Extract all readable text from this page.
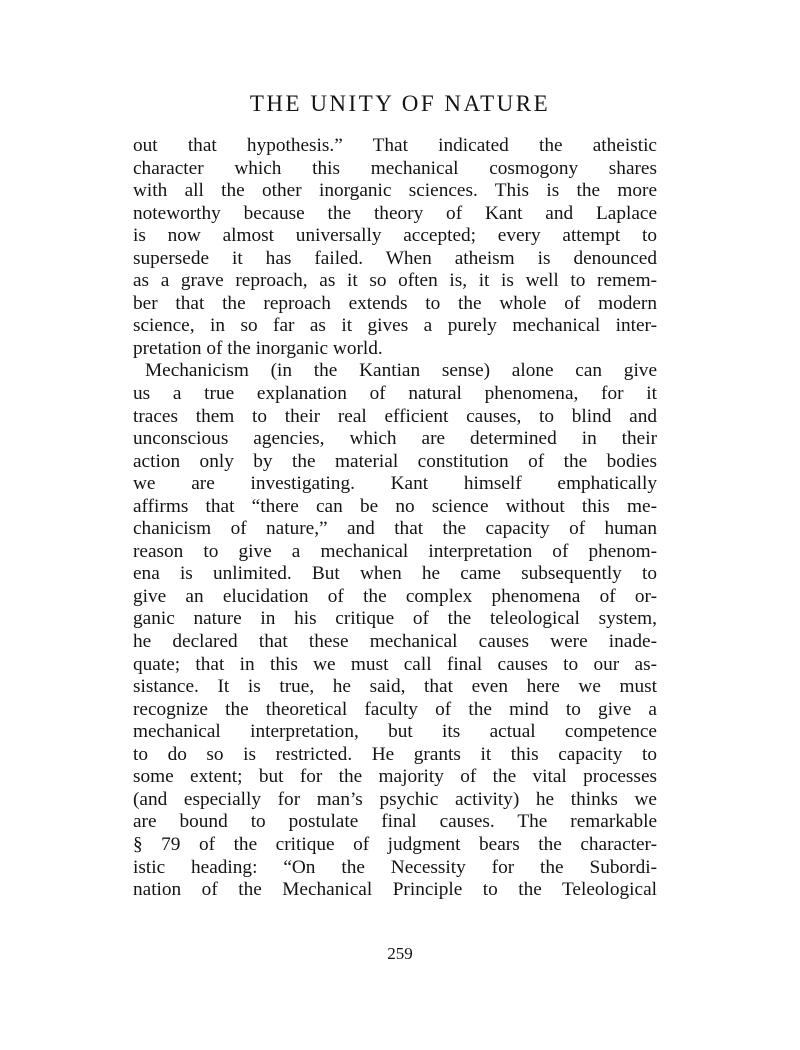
THE UNITY OF NATURE
out that hypothesis.” That indicated the atheistic
character which this mechanical cosmogony shares
with all the other inorganic sciences. This is the more
noteworthy because the theory of Kant and Laplace
is now almost universally accepted; every attempt to
supersede it has failed. When atheism is denounced
as a grave reproach, as it so often is, it is well to remem-
ber that the reproach extends to the whole of modern
science, in so far as it gives a purely mechanical inter-
pretation of the inorganic world.
Mechanicism (in the Kantian sense) alone can give
us a true explanation of natural phenomena, for it
traces them to their real efficient causes, to blind and
unconscious agencies, which are determined in their
action only by the material constitution of the bodies
we are investigating. Kant himself emphatically
affirms that “there can be no science without this me-
chanicism of nature,” and that the capacity of human
reason to give a mechanical interpretation of phenom-
ena is unlimited. But when he came subsequently to
give an elucidation of the complex phenomena of or-
ganic nature in his critique of the teleological system,
he declared that these mechanical causes were inade-
quate; that in this we must call final causes to our as-
sistance. It is true, he said, that even here we must
recognize the theoretical faculty of the mind to give a
mechanical interpretation, but its actual competence
to do so is restricted. He grants it this capacity to
some extent; but for the majority of the vital processes
(and especially for man’s psychic activity) he thinks we
are bound to postulate final causes. The remarkable
§ 79 of the critique of judgment bears the character-
istic heading: “On the Necessity for the Subordi-
nation of the Mechanical Principle to the Teleological
259
